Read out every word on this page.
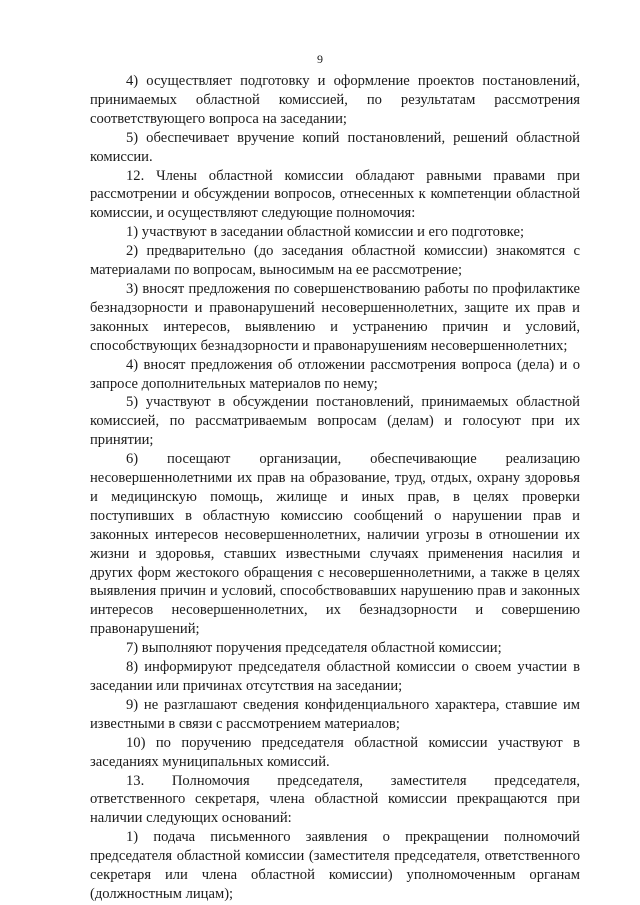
9

4) осуществляет подготовку и оформление проектов постановлений, принимаемых областной комиссией, по результатам рассмотрения соответствующего вопроса на заседании;

5) обеспечивает вручение копий постановлений, решений областной комиссии.

12. Члены областной комиссии обладают равными правами при рассмотрении и обсуждении вопросов, отнесенных к компетенции областной комиссии, и осуществляют следующие полномочия:

1) участвуют в заседании областной комиссии и его подготовке;

2) предварительно (до заседания областной комиссии) знакомятся с материалами по вопросам, выносимым на ее рассмотрение;

3) вносят предложения по совершенствованию работы по профилактике безнадзорности и правонарушений несовершеннолетних, защите их прав и законных интересов, выявлению и устранению причин и условий, способствующих безнадзорности и правонарушениям несовершеннолетних;

4) вносят предложения об отложении рассмотрения вопроса (дела) и о запросе дополнительных материалов по нему;

5) участвуют в обсуждении постановлений, принимаемых областной комиссией, по рассматриваемым вопросам (делам) и голосуют при их принятии;

6) посещают организации, обеспечивающие реализацию несовершеннолетними их прав на образование, труд, отдых, охрану здоровья и медицинскую помощь, жилище и иных прав, в целях проверки поступивших в областную комиссию сообщений о нарушении прав и законных интересов несовершеннолетних, наличии угрозы в отношении их жизни и здоровья, ставших известными случаях применения насилия и других форм жестокого обращения с несовершеннолетними, а также в целях выявления причин и условий, способствовавших нарушению прав и законных интересов несовершеннолетних, их безнадзорности и совершению правонарушений;

7) выполняют поручения председателя областной комиссии;

8) информируют председателя областной комиссии о своем участии в заседании или причинах отсутствия на заседании;

9) не разглашают сведения конфиденциального характера, ставшие им известными в связи с рассмотрением материалов;

10) по поручению председателя областной комиссии участвуют в заседаниях муниципальных комиссий.

13. Полномочия председателя, заместителя председателя, ответственного секретаря, члена областной комиссии прекращаются при наличии следующих оснований:

1) подача письменного заявления о прекращении полномочий председателя областной комиссии (заместителя председателя, ответственного секретаря или члена областной комиссии) уполномоченным органам (должностным лицам);
